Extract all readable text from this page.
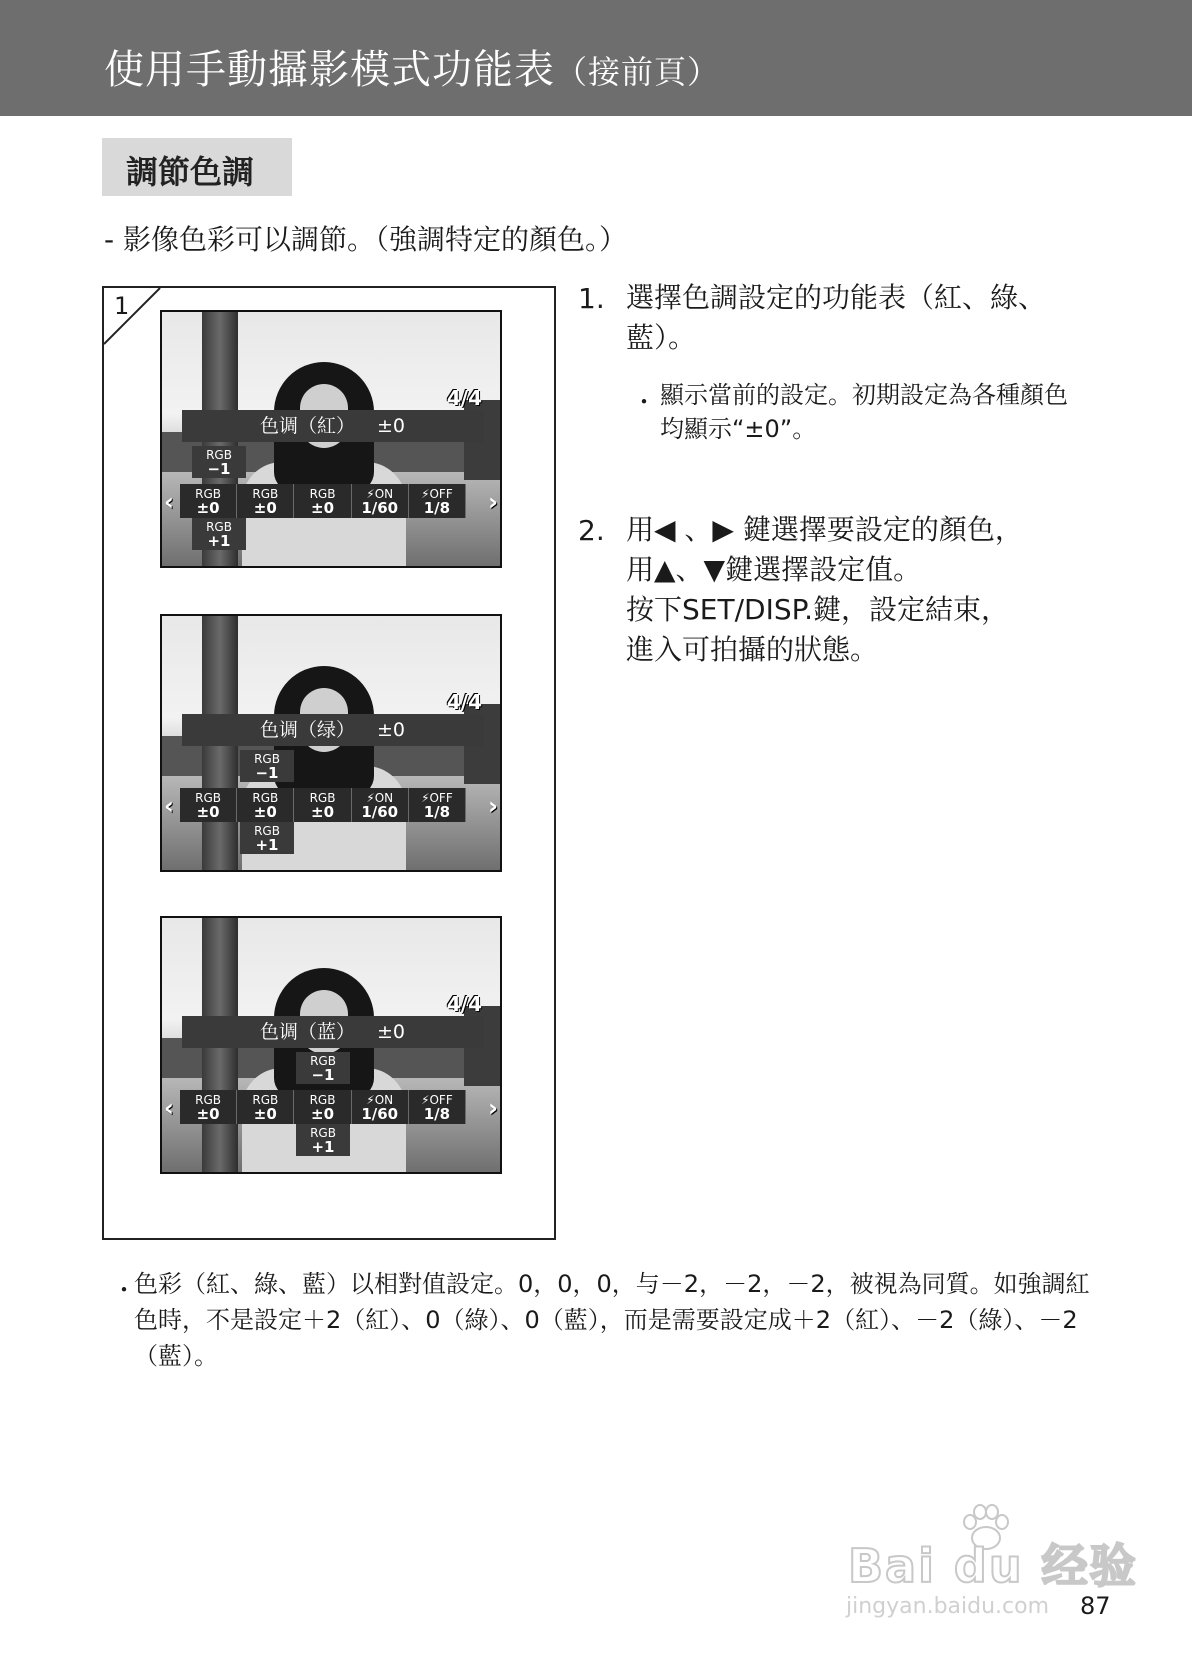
使用手動攝影模式功能表（接前頁）
調節色調
- 影像色彩可以調節。（強調特定的顏色。）
1
4/4
色调（紅） ±0
RGB
−1
RGB
±0
RGB
±0
RGB
±0
⚡ON
1/60
⚡OFF
1/8
RGB
+1
‹	›
4/4
色调（绿） ±0
RGB
−1
RGB
±0
RGB
±0
RGB
±0
⚡ON
1/60
⚡OFF
1/8
RGB
+1
‹	›
4/4
色调（蓝） ±0
RGB
−1
RGB
±0
RGB
±0
RGB
±0
⚡ON
1/60
⚡OFF
1/8
RGB
+1
‹	›
1. 選擇色調設定的功能表（紅、綠、藍）。
・ 顯示當前的設定。初期設定為各種顏色均顯示“±0”。
2. 用◀ 、▶ 鍵選擇要設定的顏色，
用▲、▼鍵選擇設定值。
按下SET/DISP.鍵，設定結束，
進入可拍攝的狀態。
・
色彩（紅、綠、藍）以相對值設定。0，0，0，与－2，－2，－2，被視為同質。如強調紅色時，不是設定＋2（紅）、0（綠）、0（藍），而是需要設定成＋2（紅）、－2（綠）、－2（藍）。
Bai du 经验
jingyan.baidu.com 87
